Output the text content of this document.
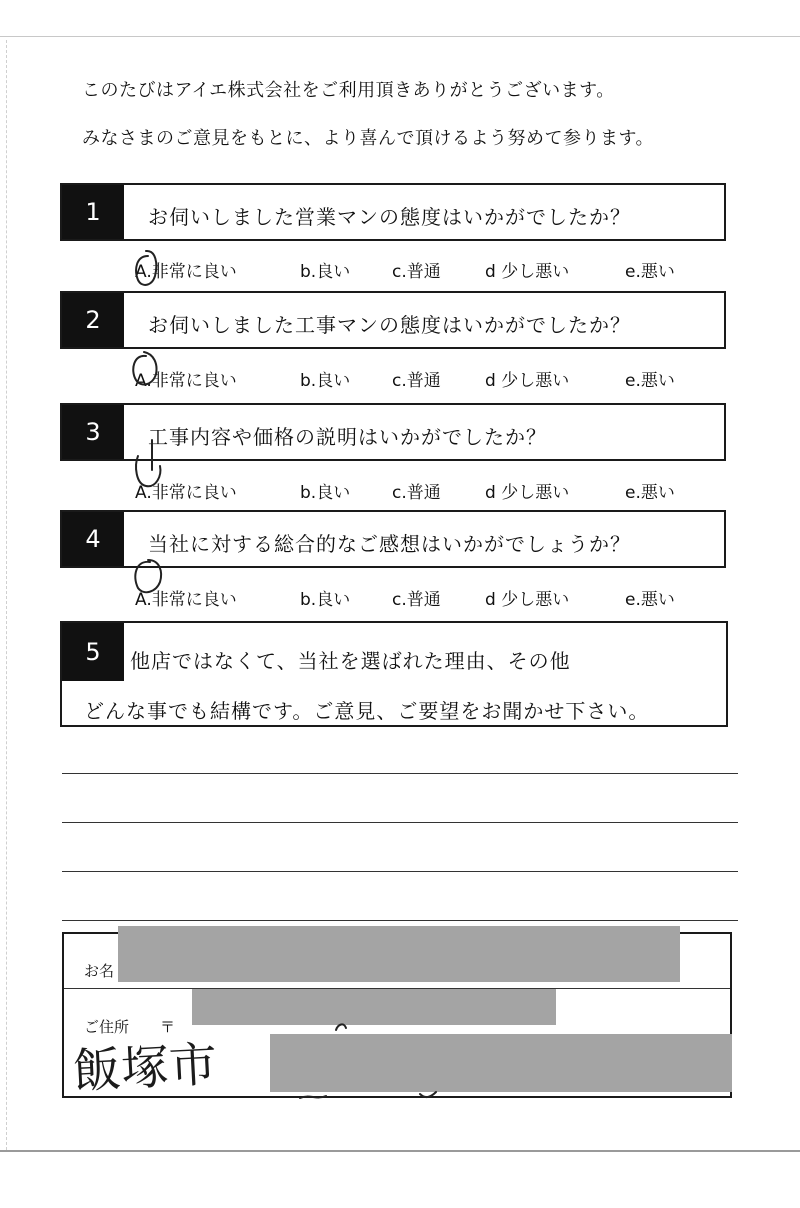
このたびはアイエ株式会社をご利用頂きありがとうございます。
みなさまのご意見をもとに、より喜んで頂けるよう努めて参ります。
1	お伺いしました営業マンの態度はいかがでしたか？
A.非常に良い	b.良い c.普通	d 少し悪い	e.悪い
2	お伺いしました工事マンの態度はいかがでしたか？
A.非常に良い	b.良い c.普通	d 少し悪い	e.悪い
3	工事内容や価格の説明はいかがでしたか？
A.非常に良い	b.良い c.普通	d 少し悪い	e.悪い
4	当社に対する総合的なご感想はいかがでしょうか？
A.非常に良い	b.良い c.普通	d 少し悪い	e.悪い
5	他店ではなくて、当社を選ばれた理由、その他
どんな事でも結構です。ご意見、ご要望をお聞かせ下さい。
お名
ご住所 〒
飯塚市
